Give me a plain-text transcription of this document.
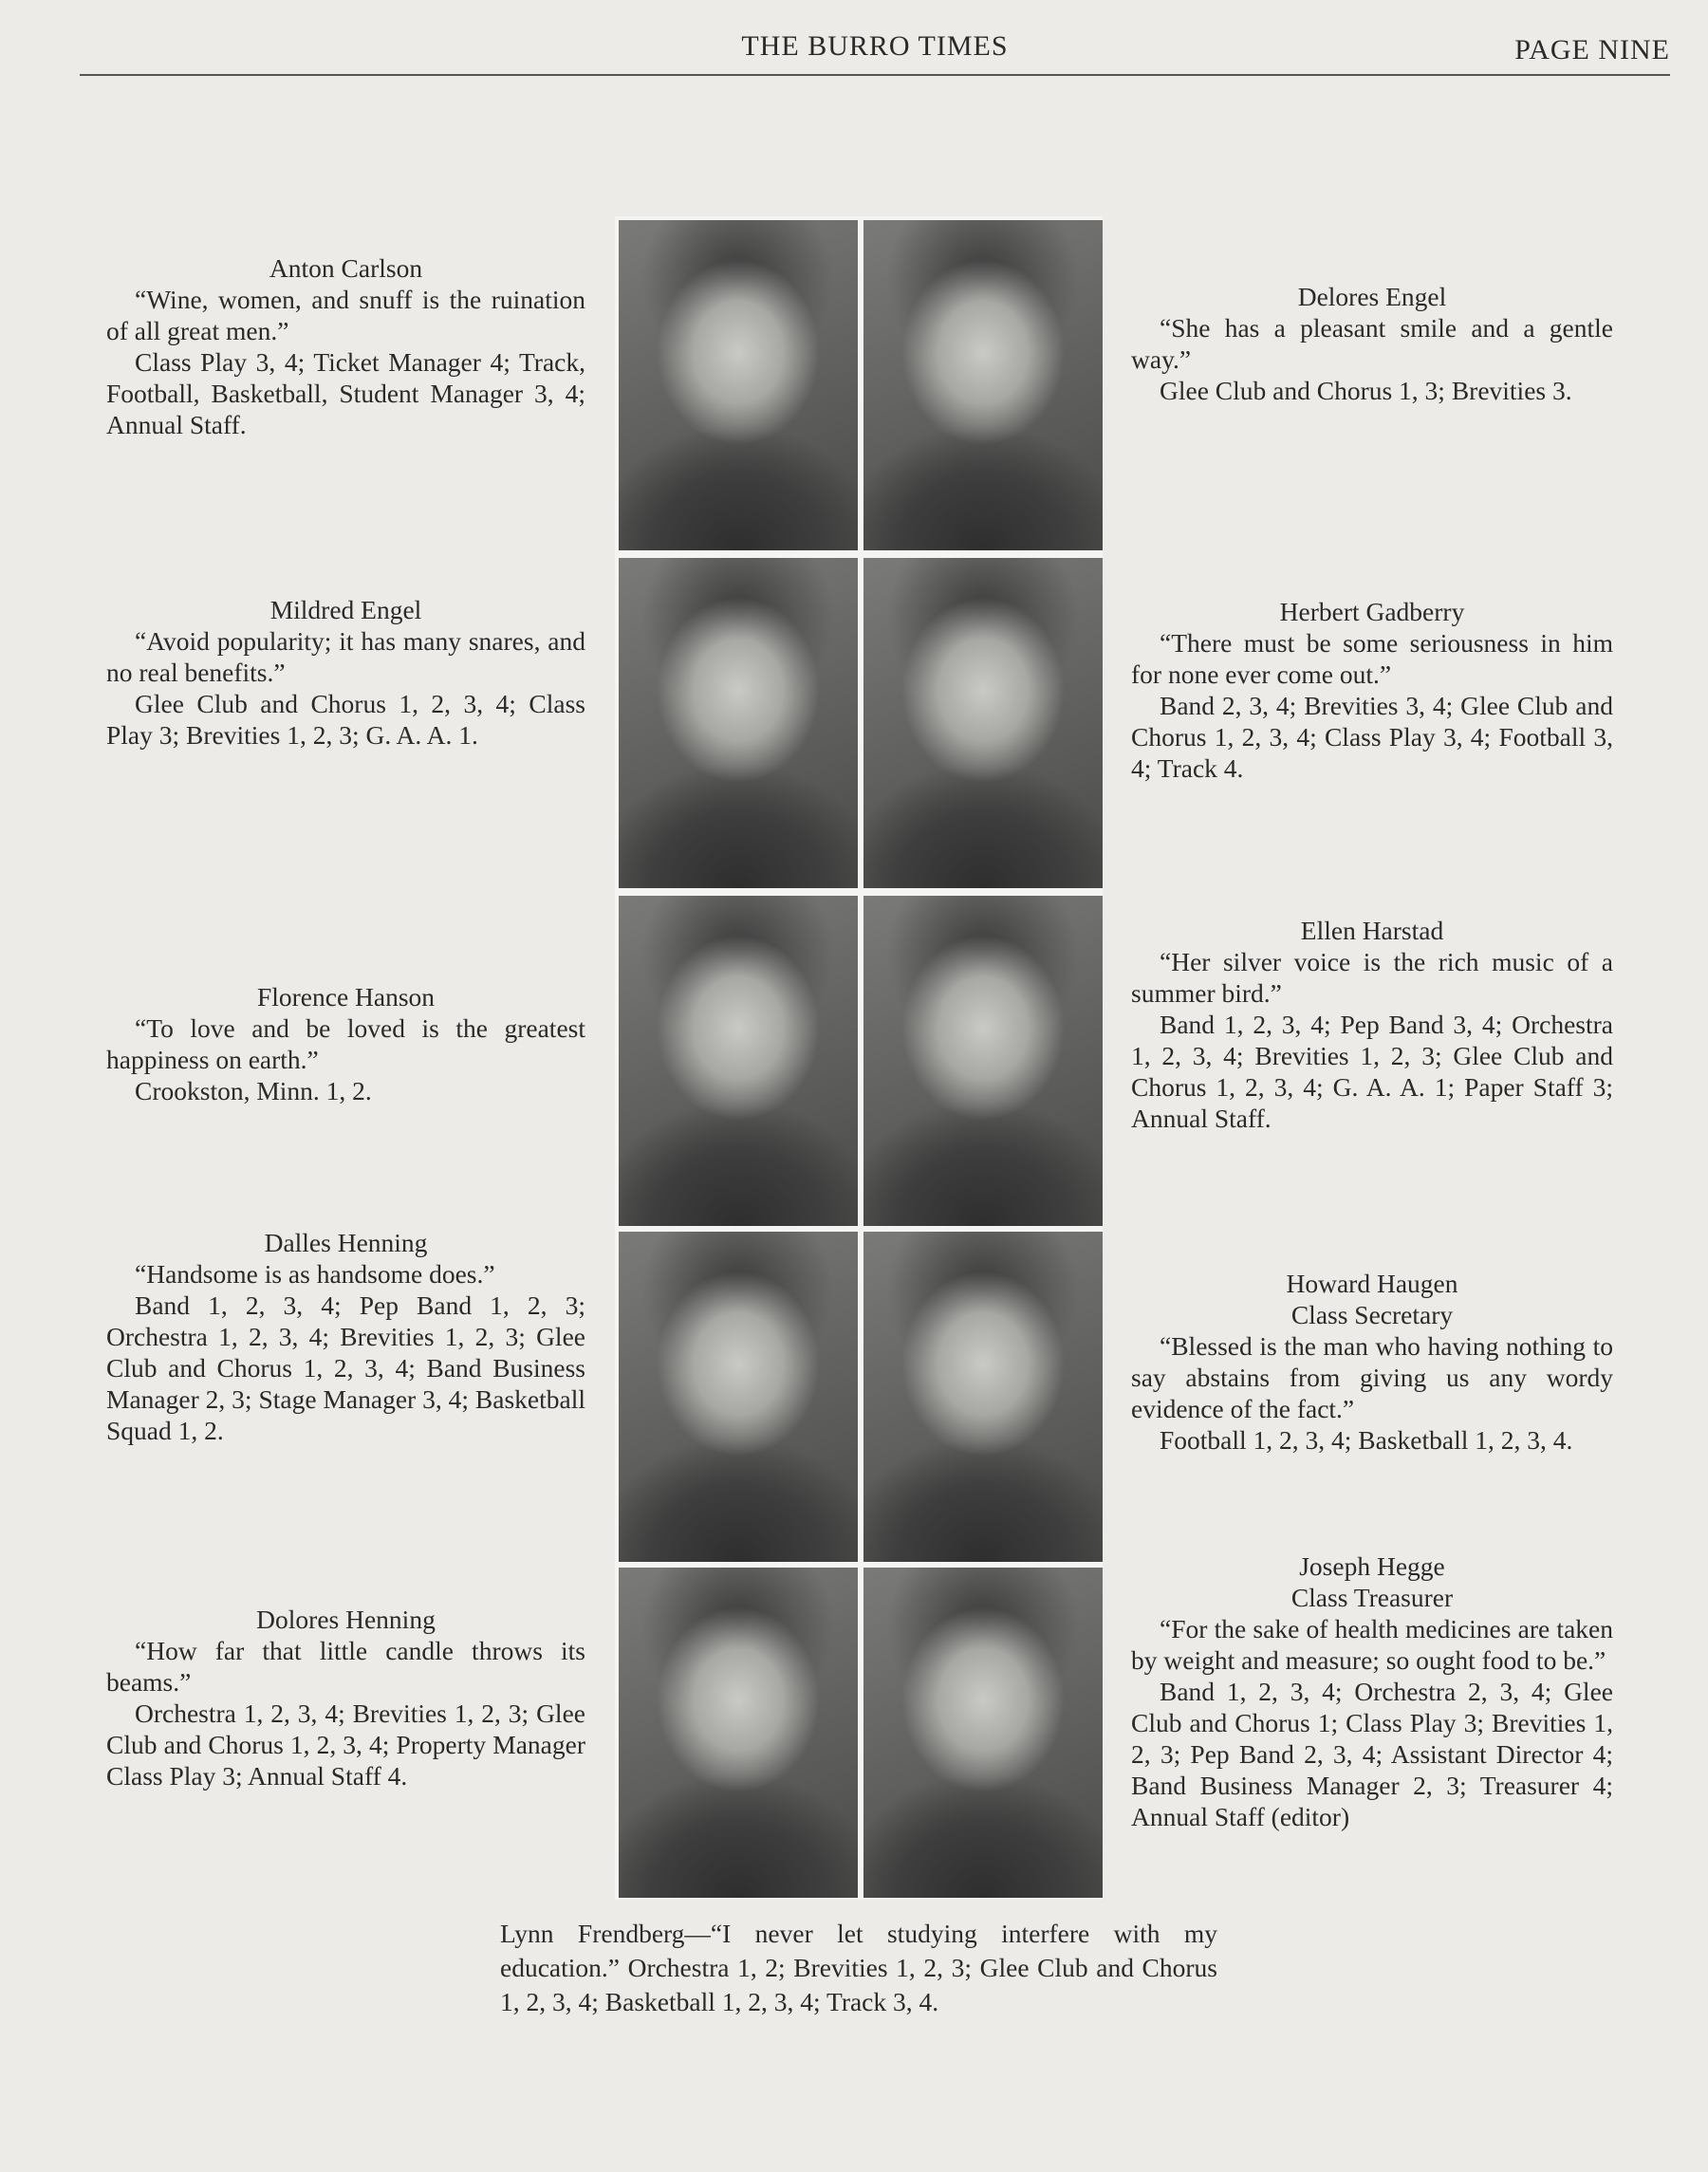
THE BURRO TIMES	PAGE NINE
Anton Carlson

“Wine, women, and snuff is the ruination of all great men.”

Class Play 3, 4; Ticket Manager 4; Track, Football, Basketball, Student Manager 3, 4; Annual Staff.

Mildred Engel

“Avoid popularity; it has many snares, and no real benefits.”

Glee Club and Chorus 1, 2, 3, 4; Class Play 3; Brevities 1, 2, 3; G. A. A. 1.

Florence Hanson

“To love and be loved is the greatest happiness on earth.”

Crookston, Minn. 1, 2.

Dalles Henning

“Handsome is as handsome does.”

Band 1, 2, 3, 4; Pep Band 1, 2, 3; Orchestra 1, 2, 3, 4; Brevities 1, 2, 3; Glee Club and Chorus 1, 2, 3, 4; Band Business Manager 2, 3; Stage Manager 3, 4; Basketball Squad 1, 2.

Dolores Henning

“How far that little candle throws its beams.”

Orchestra 1, 2, 3, 4; Brevities 1, 2, 3; Glee Club and Chorus 1, 2, 3, 4; Property Manager Class Play 3; Annual Staff 4.

Delores Engel

“She has a pleasant smile and a gentle way.”

Glee Club and Chorus 1, 3; Brevities 3.

Herbert Gadberry

“There must be some seriousness in him for none ever come out.”

Band 2, 3, 4; Brevities 3, 4; Glee Club and Chorus 1, 2, 3, 4; Class Play 3, 4; Football 3, 4; Track 4.

Ellen Harstad

“Her silver voice is the rich music of a summer bird.”

Band 1, 2, 3, 4; Pep Band 3, 4; Orchestra 1, 2, 3, 4; Brevities 1, 2, 3; Glee Club and Chorus 1, 2, 3, 4; G. A. A. 1; Paper Staff 3; Annual Staff.

Howard Haugen
Class Secretary

“Blessed is the man who having nothing to say abstains from giving us any wordy evidence of the fact.”

Football 1, 2, 3, 4; Basketball 1, 2, 3, 4.

Joseph Hegge
Class Treasurer

“For the sake of health medicines are taken by weight and measure; so ought food to be.”

Band 1, 2, 3, 4; Orchestra 2, 3, 4; Glee Club and Chorus 1; Class Play 3; Brevities 1, 2, 3; Pep Band 2, 3, 4; Assistant Director 4; Band Business Manager 2, 3; Treasurer 4; Annual Staff (editor)

Lynn Frendberg—“I never let studying interfere with my education.” Orchestra 1, 2; Brevities 1, 2, 3; Glee Club and Chorus 1, 2, 3, 4; Basketball 1, 2, 3, 4; Track 3, 4.
